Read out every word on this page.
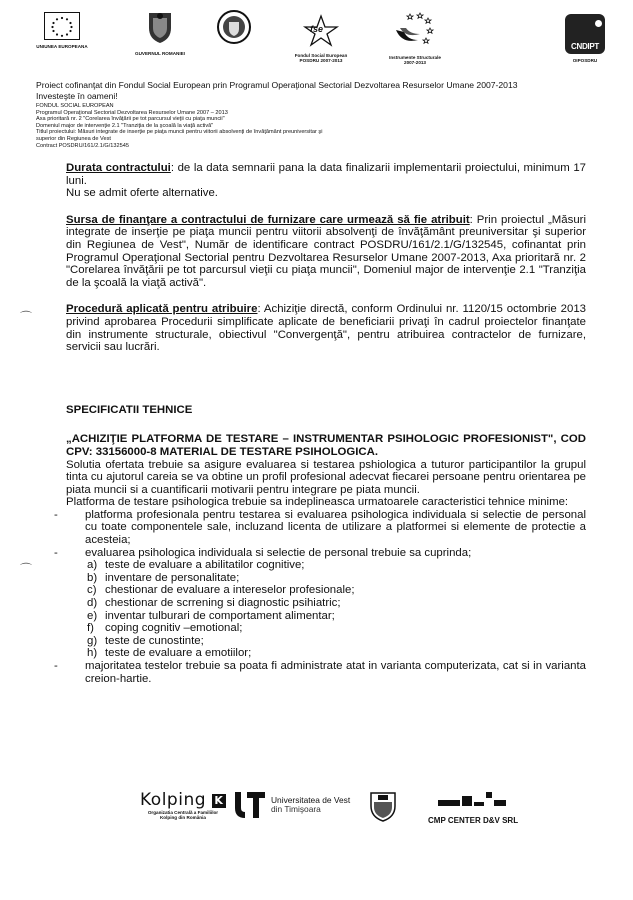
UNIUNEA EUROPEANA
GUVERNUL ROMANIEI
fse
Fondul Social European
POSDRU 2007-2013
Instrumente Structurale
2007-2013
CNDIPT
OIPOSDRU
Proiect cofinanţat din Fondul Social European prin Programul Operaţional Sectorial Dezvoltarea Resurselor Umane 2007-2013
Investeşte în oameni!
FONDUL SOCIAL EUROPEAN
Programul Operaţional Sectorial Dezvoltarea Resurselor Umane 2007 – 2013
Axa prioritară nr. 2 "Corelarea învăţării pe tot parcursul vieţii cu piaţa muncii"
Domeniul major de intervenţie 2.1 "Tranziţia de la şcoală la viaţă activă"
Titlul proiectului: Măsuri integrate de inserţie pe piaţa muncii pentru viitorii absolvenţi de învăţământ preuniversitar şi
superior din Regiunea de Vest
Contract POSDRU/161/2.1/G/132545
⌒
⌒

Durata contractului: de la data semnarii pana la data finalizarii implementarii proiectului, minimum 17 luni.

Nu se admit oferte alternative.

Sursa de finanţare a contractului de furnizare care urmează să fie atribuit: Prin proiectul „Măsuri integrate de inserţie pe piaţa muncii pentru viitorii absolvenţi de învăţământ preuniversitar şi superior din Regiunea de Vest", Număr de identificare contract POSDRU/161/2.1/G/132545, cofinantat prin Programul Operaţional Sectorial pentru Dezvoltarea Resurselor Umane 2007-2013, Axa prioritară nr. 2 "Corelarea învăţării pe tot parcursul vieţii cu piaţa muncii", Domeniul major de intervenţie 2.1 "Tranziţia de la şcoală la viaţă activă".

Procedură aplicată pentru atribuire: Achiziţie directă, conform Ordinului nr. 1120/15 octombrie 2013 privind aprobarea Procedurii simplificate aplicate de beneficiarii privaţi în cadrul proiectelor finanţate din instrumente structurale, obiectivul "Convergenţă", pentru atribuirea contractelor de furnizare, servicii sau lucrări.

SPECIFICATII TEHNICE

„ACHIZIŢIE PLATFORMA DE TESTARE – INSTRUMENTAR PSIHOLOGIC PROFESIONIST", COD CPV: 33156000-8 MATERIAL DE TESTARE PSIHOLOGICA.

Solutia ofertata trebuie sa asigure evaluarea si testarea pshiologica a tuturor participantilor la grupul tinta cu ajutorul careia se va obtine un profil profesional adecvat fiecarei persoane pentru orientarea pe piata muncii si a cuantificarii motivarii pentru integrare pe piata muncii.

Platforma de testare psihologica trebuie sa indeplineasca urmatoarele caracteristici tehnice minime:

- platforma profesionala pentru testarea si evaluarea psihologica individuala si selectie de personal cu toate componentele sale, incluzand licenta de utilizare a platformei si elemente de protectie a acesteia;
- evaluarea psihologica individuala si selectie de personal trebuie sa cuprinda;
a) teste de evaluare a abilitatilor cognitive;
b) inventare de personalitate;
c) chestionar de evaluare a intereselor profesionale;
d) chestionar de scrrening si diagnostic psihiatric;
e) inventar tulburari de comportament alimentar;
f) coping cognitiv –emotional;
g) teste de cunostinte;
h) teste de evaluare a emotiilor;
- majoritatea testelor trebuie sa poata fi administrate atat in varianta computerizata, cat si in varianta creion-hartie.
Kolping K
Organizatia Centrală a Familiilor
Kolping din România
Universitatea de Vest
din Timişoara
CMP CENTER D&V SRL
